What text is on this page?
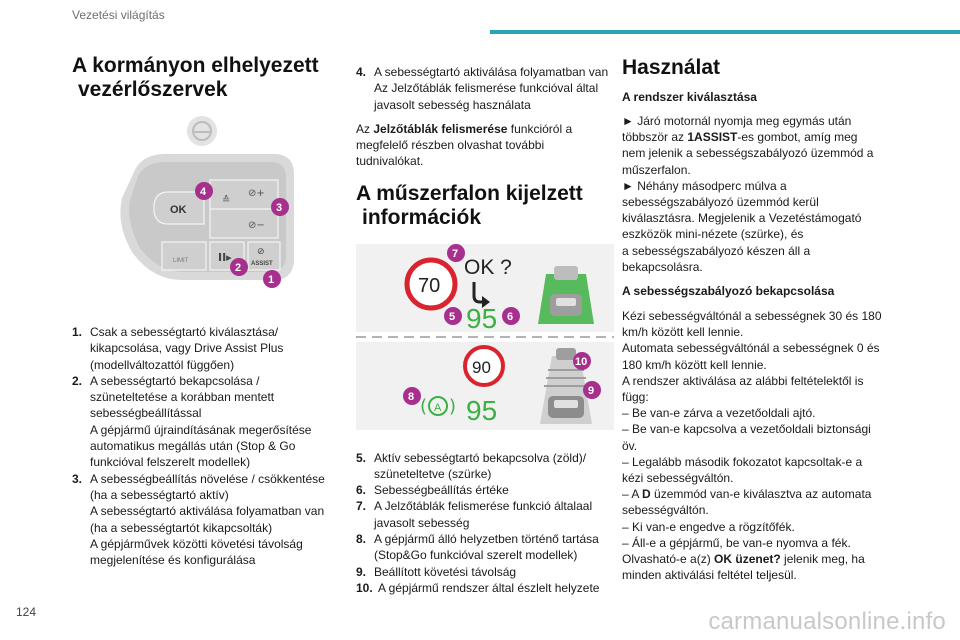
Vezetési világítás
A kormányon elhelyezett
vezérlőszervek
OK
≙
⊘+
⊘−
LIMIT	II▸	⊘
ASSIST
4
3
2
1
1. Csak a sebességtartó kiválasztása/
kikapcsolása, vagy Drive Assist Plus
(modellváltozattól függően)
2. A sebességtartó bekapcsolása /
szüneteltetése a korábban mentett
sebességbeállítással
A gépjármű újraindításának megerősítése
automatikus megállás után (Stop & Go
funkcióval felszerelt modellek)
3. A sebességbeállítás növelése / csökkentése
(ha a sebességtartó aktív)
A sebességtartó aktiválása folyamatban van
(ha a sebességtartót kikapcsolták)
A gépjárművek közötti követési távolság
megjelenítése és konfigurálása
4. A sebességtartó aktiválása folyamatban van
Az Jelzőtáblák felismerése funkcióval által
javasolt sebesség használata

Az Jelzőtáblák felismerése funkcióról a
megfelelő részben olvashat további tudnivalókat.

A műszerfalon kijelzett
információk
70
OK ?
95
90
95
( A )
7
5	6
10
9
8
5. Aktív sebességtartó bekapcsolva (zöld)/
szüneteltetve (szürke)
6. Sebességbeállítás értéke
7. A Jelzőtáblák felismerése funkció általaal
javasolt sebesség
8. A gépjármű álló helyzetben történő tartása
(Stop&Go funkcióval szerelt modellek)
9. Beállított követési távolság
10. A gépjármű rendszer által észlelt helyzete
Használat
A rendszer kiválasztása

► Járó motornál nyomja meg egymás után
többször az 1ASSIST-es gombot, amíg meg
nem jelenik a sebességszabályozó üzemmód a
műszerfalon.
► Néhány másodperc múlva a
sebességszabályozó üzemmód kerül
kiválasztásra. Megjelenik a Vezetéstámogató
eszközök mini-nézete (szürke), és
a sebességszabályozó készen áll a
bekapcsolásra.

A sebességszabályozó bekapcsolása

Kézi sebességváltónál a sebességnek 30 és 180
km/h között kell lennie.
Automata sebességváltónál a sebességnek 0 és
180 km/h között kell lennie.
A rendszer aktiválása az alábbi feltételektől is
függ:
– Be van-e zárva a vezetőoldali ajtó.
– Be van-e kapcsolva a vezetőoldali biztonsági
öv.
– Legalább második fokozatot kapcsoltak-e a
kézi sebességváltón.
– A D üzemmód van-e kiválasztva az automata
sebességváltón.
– Ki van-e engedve a rögzítőfék.
– Áll-e a gépjármű, be van-e nyomva a fék.
Olvasható-e a(z) OK üzenet? jelenik meg, ha
minden aktiválási feltétel teljesül.

124	carmanualsonline.info
